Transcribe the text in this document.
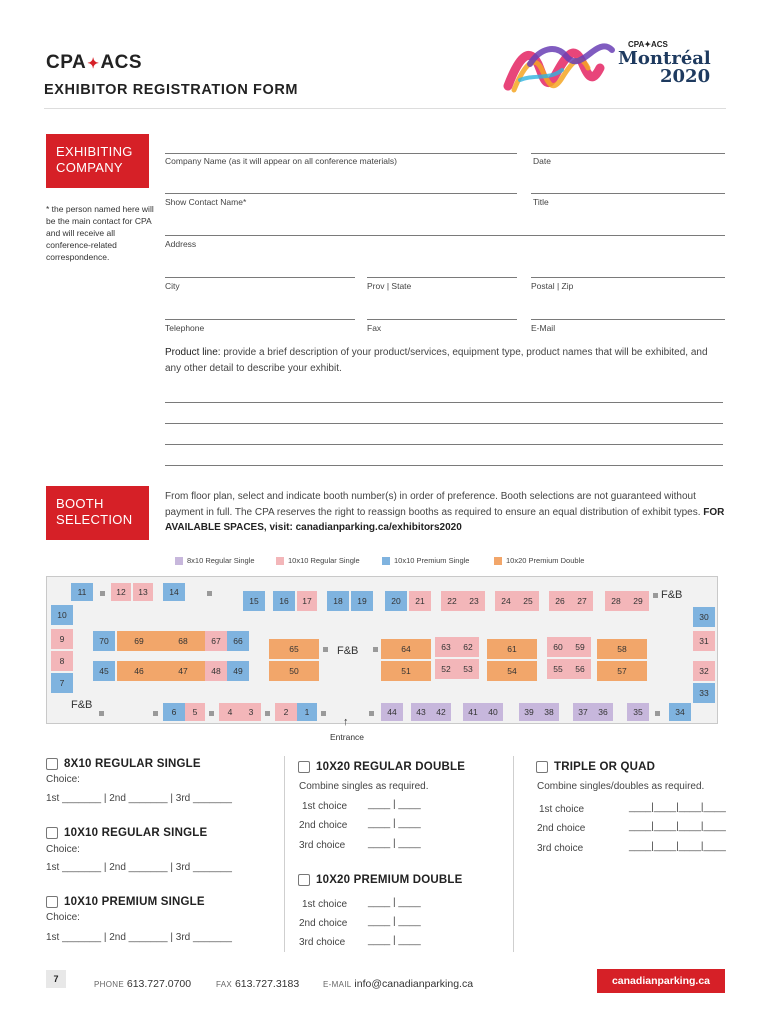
CPA✦ACS
EXHIBITOR REGISTRATION FORM
CPA✦ACS
Montréal
2020
EXHIBITING COMPANY
* the person named here will be the main contact for CPA and will receive all conference-related correspondence.
Company Name (as it will appear on all conference materials)	Date
Show Contact Name*	Title
Address
City	Prov | State	Postal | Zip
Telephone	Fax	E-Mail
Product line: provide a brief description of your product/services, equipment type, product names that will be exhibited, and any other detail to describe your exhibit.
BOOTH SELECTION
From floor plan, select and indicate booth number(s) in order of preference. Booth selections are not guaranteed without payment in full. The CPA reserves the right to reassign booths as required to ensure an equal distribution of exhibit types. FOR AVAILABLE SPACES, visit: canadianparking.ca/exhibitors2020
8x10 Regular Single	10x10 Regular Single	10x10 Premium Single	10x20 Premium Double
11	12	13	14
15	16	17	18	19	20	21	22	23	24	25	26	27	28	29	F&B
10
9
8
7
F&B
30
31
32
33
70	69	68	67	66
45	46	47	48	49
65
50
F&B	64	63	62	61	60	59	58
51	52	53	54	55	56	57
6	5	4	3	2	1	44	43	42	41	40	39	38	37	36	35	34
↑
Entrance
8X10 REGULAR SINGLE
Choice:
1st _______ | 2nd _______ | 3rd _______
10X10 REGULAR SINGLE
Choice:
1st _______ | 2nd _______ | 3rd _______
10X10 PREMIUM SINGLE
Choice:
1st _______ | 2nd _______ | 3rd _______
10X20 REGULAR DOUBLE
Combine singles as required.
1st choice ____ | ____
2nd choice ____ | ____
3rd choice ____ | ____
10X20 PREMIUM DOUBLE
1st choice ____ | ____
2nd choice ____ | ____
3rd choice ____ | ____
TRIPLE OR QUAD
Combine singles/doubles as required.
1st choice	____|____|____|____
2nd choice	____|____|____|____
3rd choice	____|____|____|____
7
PHONE 613.727.0700	FAX 613.727.3183	E-MAIL info@canadianparking.ca	canadianparking.ca
